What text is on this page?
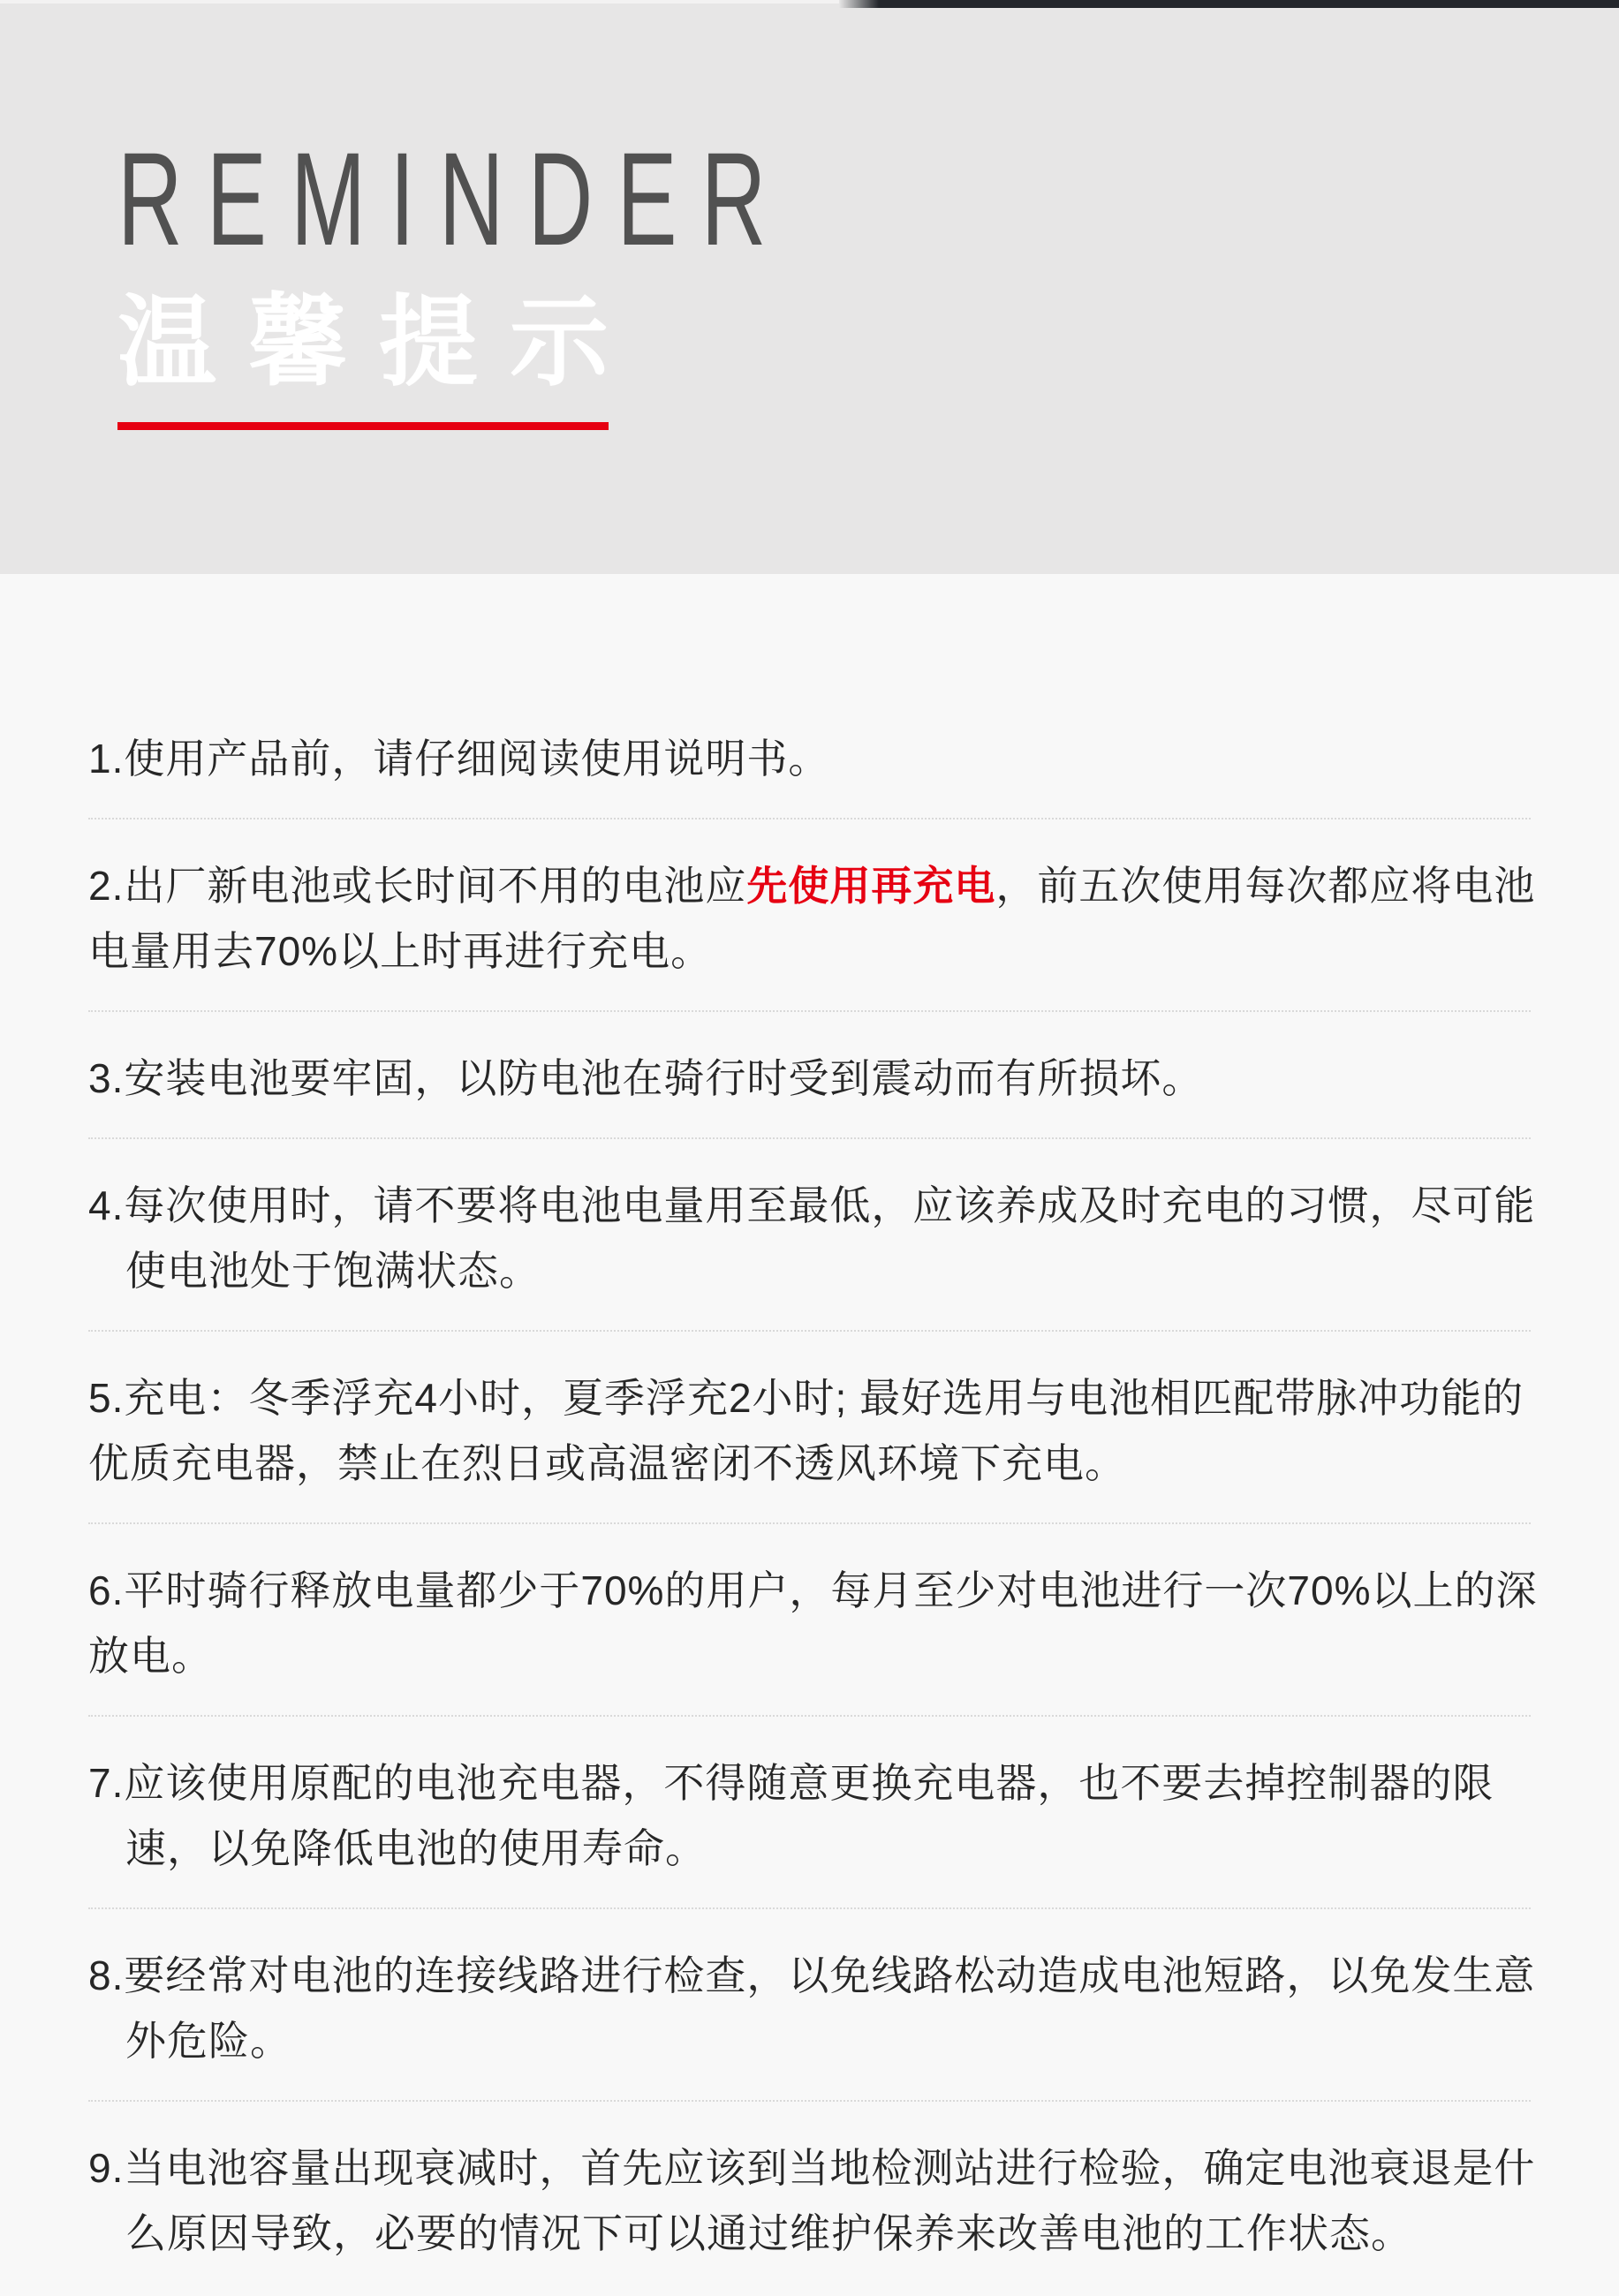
REMINDER
温馨提示
1.使用产品前，请仔细阅读使用说明书。
2.出厂新电池或长时间不用的电池应先使用再充电，前五次使用每次都应将电池
电量用去70%以上时再进行充电。
3.安装电池要牢固，以防电池在骑行时受到震动而有所损坏。
4.每次使用时，请不要将电池电量用至最低，应该养成及时充电的习惯，尽可能
使电池处于饱满状态。
5.充电：冬季浮充4小时，夏季浮充2小时; 最好选用与电池相匹配带脉冲功能的
优质充电器，禁止在烈日或高温密闭不透风环境下充电。
6.平时骑行释放电量都少于70%的用户，每月至少对电池进行一次70%以上的深
放电。
7.应该使用原配的电池充电器，不得随意更换充电器，也不要去掉控制器的限
速，以免降低电池的使用寿命。
8.要经常对电池的连接线路进行检查，以免线路松动造成电池短路，以免发生意
外危险。
9.当电池容量出现衰减时，首先应该到当地检测站进行检验，确定电池衰退是什
么原因导致，必要的情况下可以通过维护保养来改善电池的工作状态。
